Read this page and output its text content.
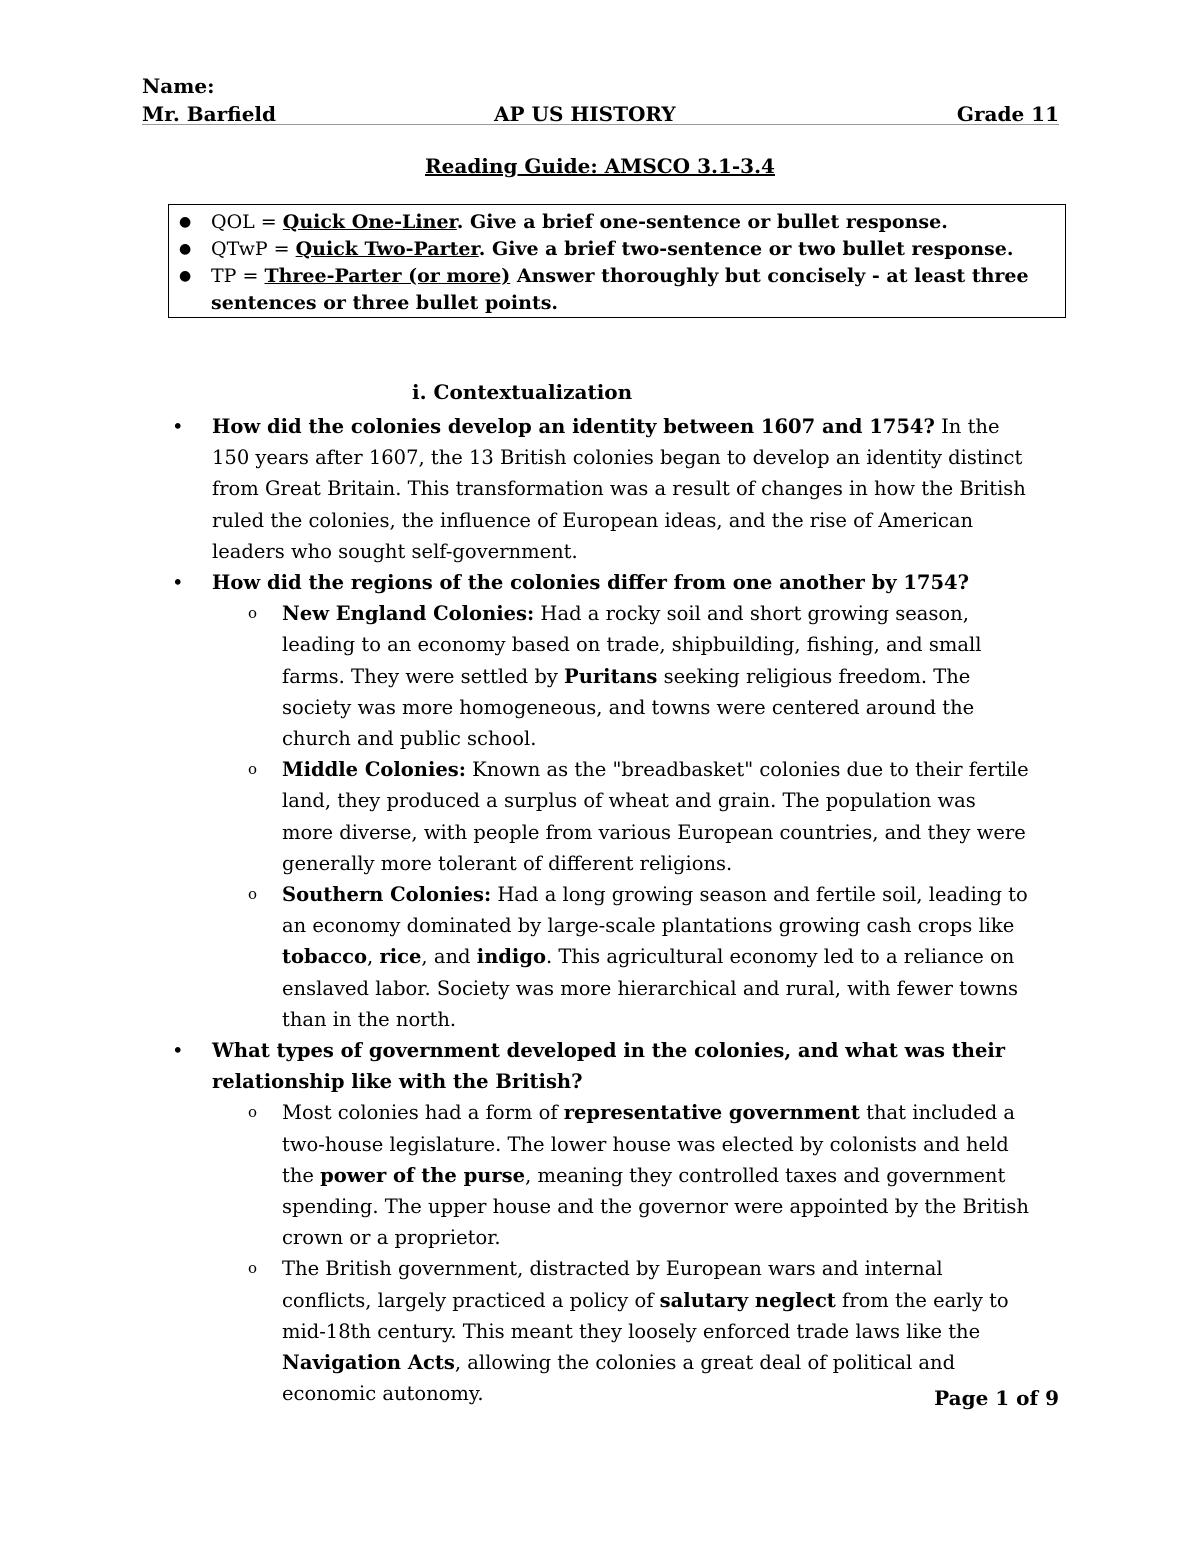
Name:
Mr. Barfield	AP US HISTORY	Grade 11
Reading Guide: AMSCO 3.1-3.4
● QOL = Quick One-Liner. Give a brief one-sentence or bullet response.
● QTwP = Quick Two-Parter. Give a brief two-sentence or two bullet response.
● TP = Three-Parter (or more) Answer thoroughly but concisely - at least three sentences or three bullet points.
i. Contextualization
• How did the colonies develop an identity between 1607 and 1754? In the 150 years after 1607, the 13 British colonies began to develop an identity distinct from Great Britain. This transformation was a result of changes in how the British ruled the colonies, the influence of European ideas, and the rise of American leaders who sought self-government.
• How did the regions of the colonies differ from one another by 1754?
o New England Colonies: Had a rocky soil and short growing season, leading to an economy based on trade, shipbuilding, fishing, and small farms. They were settled by Puritans seeking religious freedom. The society was more homogeneous, and towns were centered around the church and public school.
o Middle Colonies: Known as the "breadbasket" colonies due to their fertile land, they produced a surplus of wheat and grain. The population was more diverse, with people from various European countries, and they were generally more tolerant of different religions.
o Southern Colonies: Had a long growing season and fertile soil, leading to an economy dominated by large-scale plantations growing cash crops like tobacco, rice, and indigo. This agricultural economy led to a reliance on enslaved labor. Society was more hierarchical and rural, with fewer towns than in the north.
• What types of government developed in the colonies, and what was their relationship like with the British?
o Most colonies had a form of representative government that included a two-house legislature. The lower house was elected by colonists and held the power of the purse, meaning they controlled taxes and government spending. The upper house and the governor were appointed by the British crown or a proprietor.
o The British government, distracted by European wars and internal conflicts, largely practiced a policy of salutary neglect from the early to mid-18th century. This meant they loosely enforced trade laws like the Navigation Acts, allowing the colonies a great deal of political and economic autonomy.	Page 1 of 9
